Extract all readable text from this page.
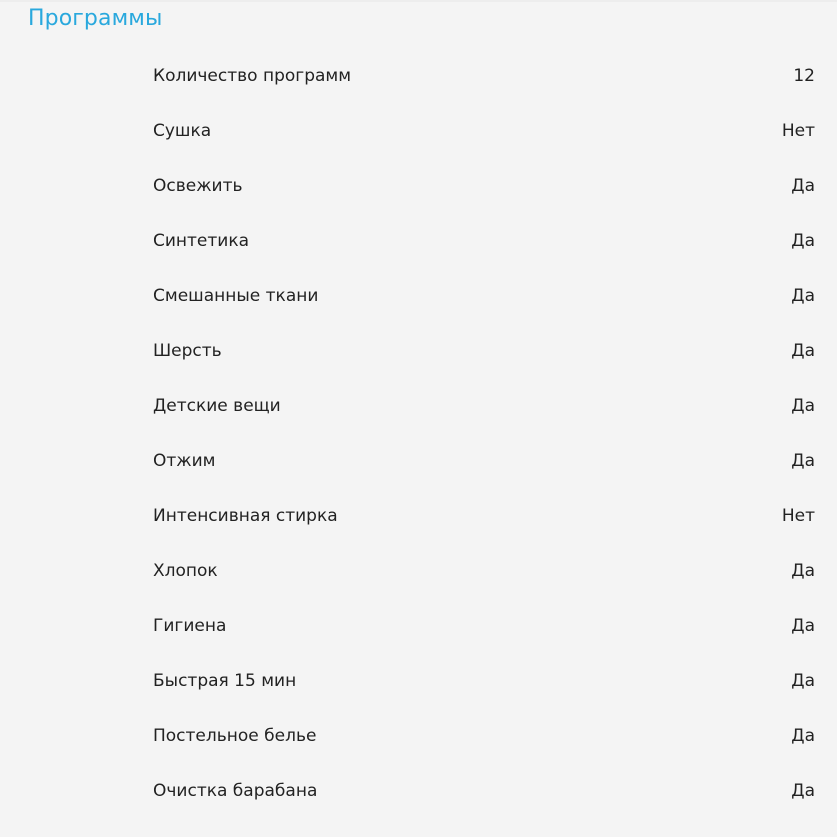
Программы
Количество программ	12
Сушка	Нет
Освежить	Да
Синтетика	Да
Смешанные ткани	Да
Шерсть	Да
Детские вещи	Да
Отжим	Да
Интенсивная стирка	Нет
Хлопок	Да
Гигиена	Да
Быстрая 15 мин	Да
Постельное белье	Да
Очистка барабана	Да
